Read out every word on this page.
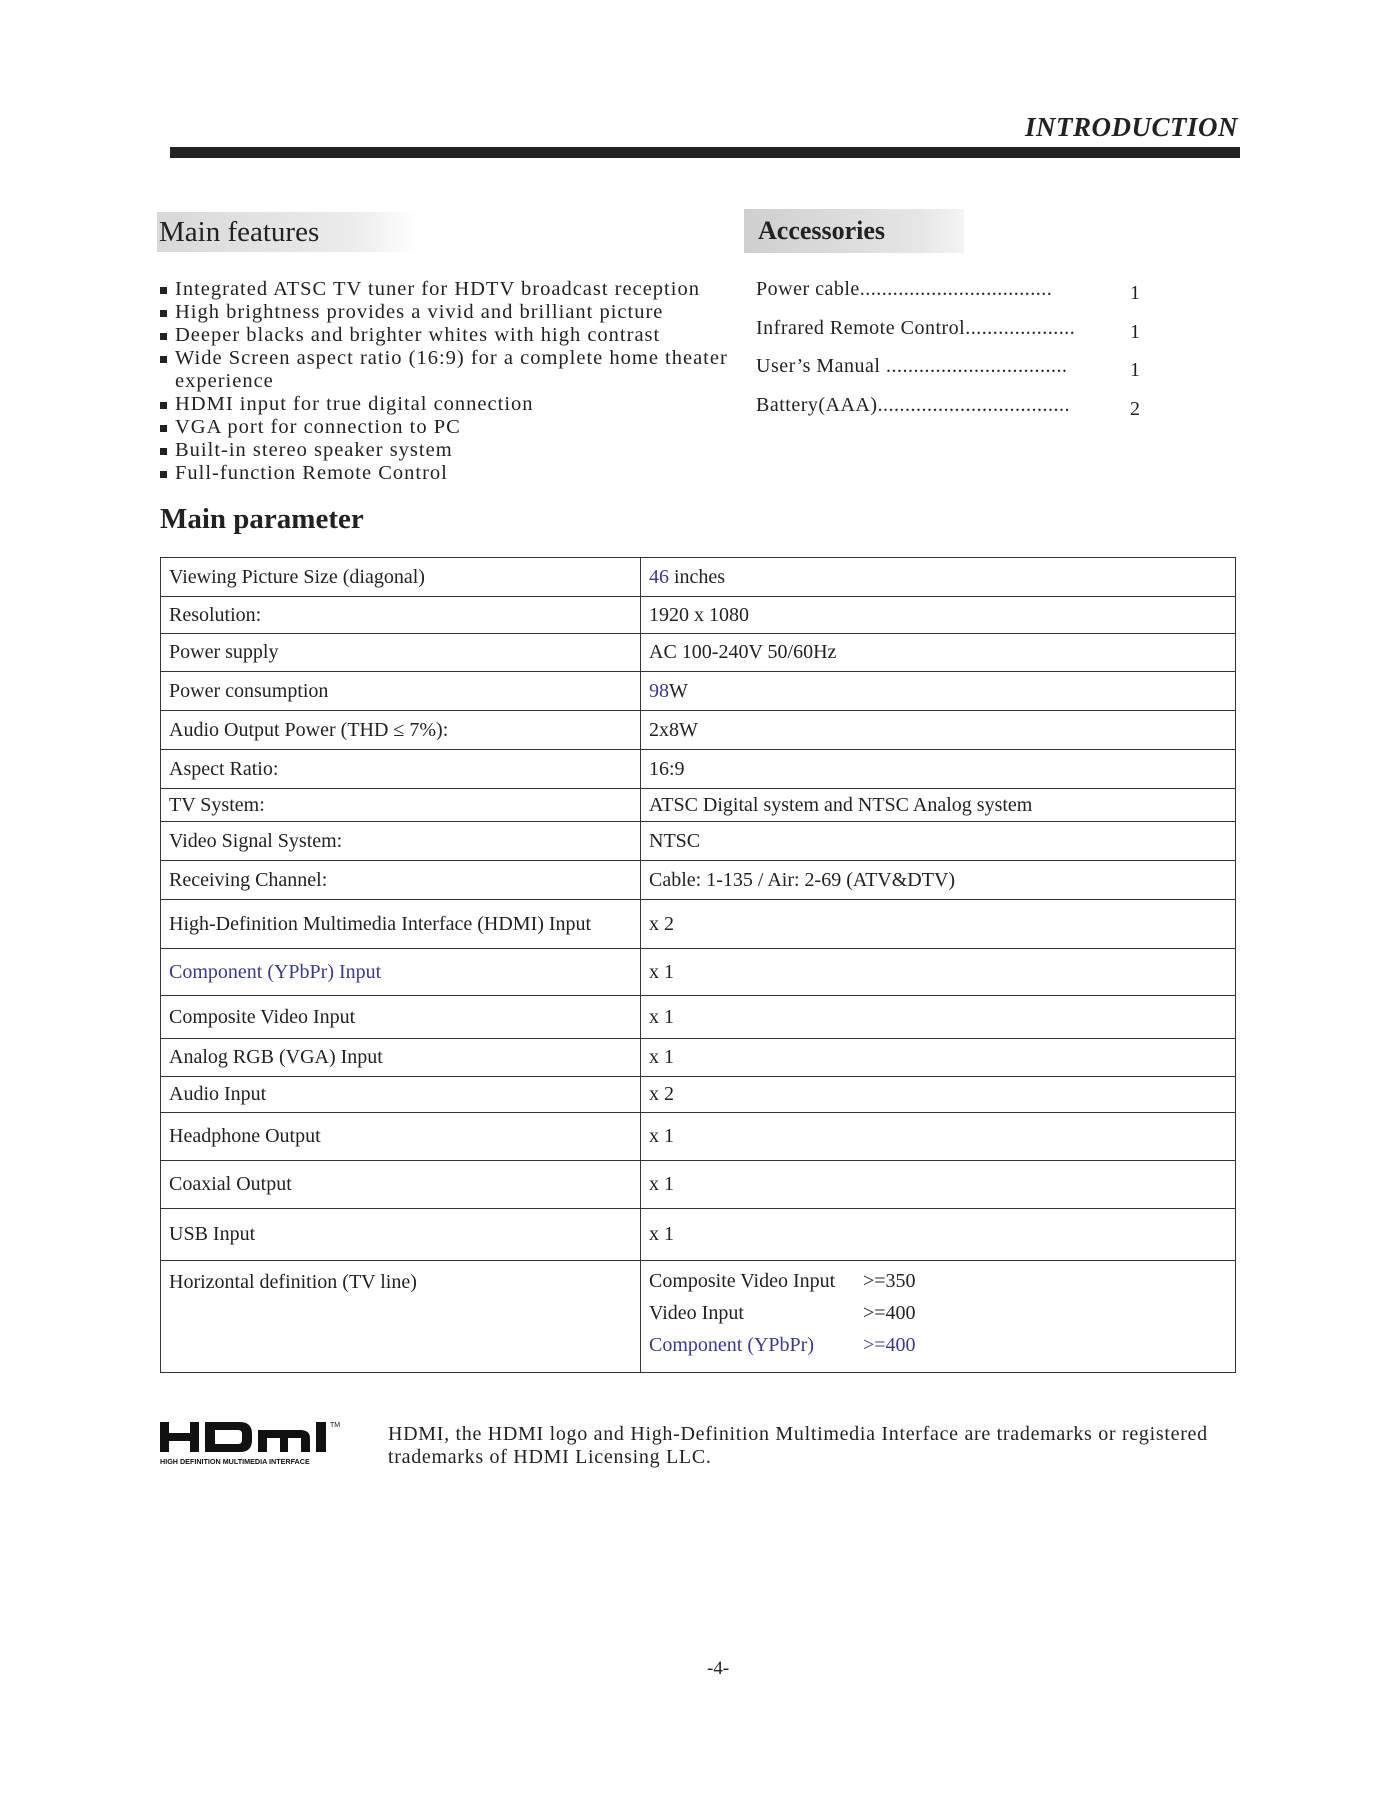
INTRODUCTION
Main features	Accessories
Integrated ATSC TV tuner for HDTV broadcast reception
High brightness provides a vivid and brilliant picture
Deeper blacks and brighter whites with high contrast
Wide Screen aspect ratio (16:9) for a complete home theater experience
HDMI input for true digital connection
VGA port for connection to PC
Built-in stereo speaker system
Full-function Remote Control
Power cable...................................	1
Infrared Remote Control....................	1
User’s Manual .................................	1
Battery(AAA)...................................	2
Main parameter
Viewing Picture Size (diagonal)	46 inches
Resolution:	1920 x 1080
Power supply	AC 100-240V 50/60Hz
Power consumption	98W
Audio Output Power (THD ≤ 7%):	2x8W
Aspect Ratio:	16:9
TV System:	ATSC Digital system and NTSC Analog system
Video Signal System:	NTSC
Receiving Channel:	Cable: 1-135 / Air: 2-69 (ATV&DTV)
High-Definition Multimedia Interface (HDMI) Input	x 2
Component (YPbPr) Input	x 1
Composite Video Input	x 1
Analog RGB (VGA) Input	x 1
Audio Input	x 2
Headphone Output	x 1
Coaxial Output	x 1
USB Input	x 1
Horizontal definition (TV line)	Composite Video Input >=350
Video Input >=400
Component (YPbPr) >=400
TM
HIGH DEFINITION MULTIMEDIA INTERFACE
HDMI, the HDMI logo and High-Definition Multimedia Interface are trademarks or registered trademarks of HDMI Licensing LLC.
-4-
